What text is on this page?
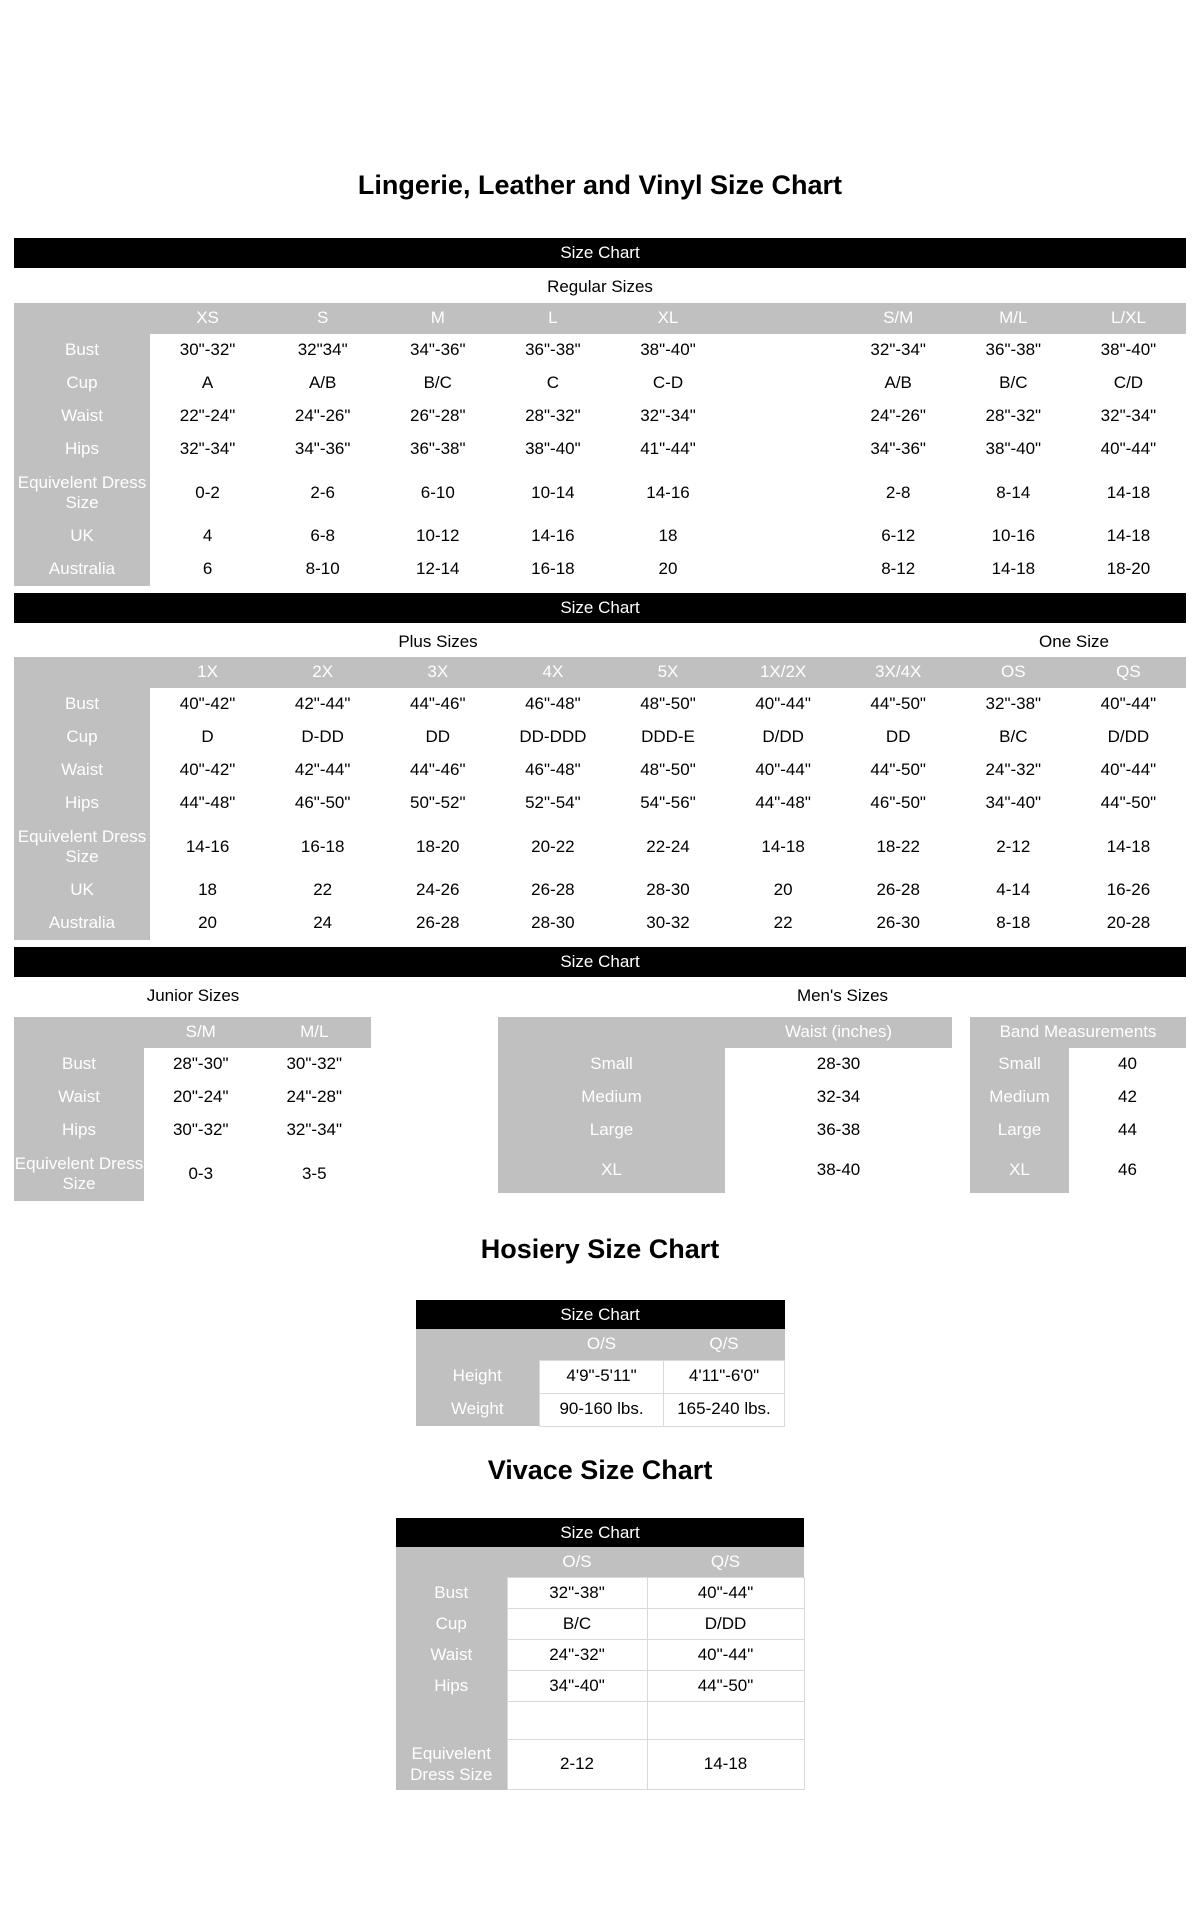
Lingerie, Leather and Vinyl Size Chart
Size Chart
Regular Sizes
	XS	S	M	L	XL		S/M	M/L	L/XL
Bust	30"-32"	32"34"	34"-36"	36"-38"	38"-40"		32"-34"	36"-38"	38"-40"
Cup	A	A/B	B/C	C	C-D		A/B	B/C	C/D
Waist	22"-24"	24"-26"	26"-28"	28"-32"	32"-34"		24"-26"	28"-32"	32"-34"
Hips	32"-34"	34"-36"	36"-38"	38"-40"	41"-44"		34"-36"	38"-40"	40"-44"
Equivelent Dress Size	0-2	2-6	6-10	10-14	14-16		2-8	8-14	14-18
UK	4	6-8	10-12	14-16	18		6-12	10-16	14-18
Australia	6	8-10	12-14	16-18	20		8-12	14-18	18-20
Size Chart
Plus Sizes	One Size
	1X	2X	3X	4X	5X	1X/2X	3X/4X	OS	QS
Bust	40"-42"	42"-44"	44"-46"	46"-48"	48"-50"	40"-44"	44"-50"	32"-38"	40"-44"
Cup	D	D-DD	DD	DD-DDD	DDD-E	D/DD	DD	B/C	D/DD
Waist	40"-42"	42"-44"	44"-46"	46"-48"	48"-50"	40"-44"	44"-50"	24"-32"	40"-44"
Hips	44"-48"	46"-50"	50"-52"	52"-54"	54"-56"	44"-48"	46"-50"	34"-40"	44"-50"
Equivelent Dress Size	14-16	16-18	18-20	20-22	22-24	14-18	18-22	2-12	14-18
UK	18	22	24-26	26-28	28-30	20	26-28	4-14	16-26
Australia	20	24	26-28	28-30	30-32	22	26-30	8-18	20-28
Size Chart
Junior Sizes	Men's Sizes
	S/M	M/L
Bust	28"-30"	30"-32"
Waist	20"-24"	24"-28"
Hips	30"-32"	32"-34"
Equivelent Dress Size	0-3	3-5
	Waist (inches)
Small	28-30
Medium	32-34
Large	36-38
XL	38-40
Band Measurements	
Small	40
Medium	42
Large	44
XL	46
Hosiery Size Chart
Size Chart
	O/S	Q/S
Height	4'9"-5'11"	4'11"-6'0"
Weight	90-160 lbs.	165-240 lbs.
Vivace Size Chart
Size Chart
	O/S	Q/S
Bust	32"-38"	40"-44"
Cup	B/C	D/DD
Waist	24"-32"	40"-44"
Hips	34"-40"	44"-50"

Equivelent Dress Size	2-12	14-18
